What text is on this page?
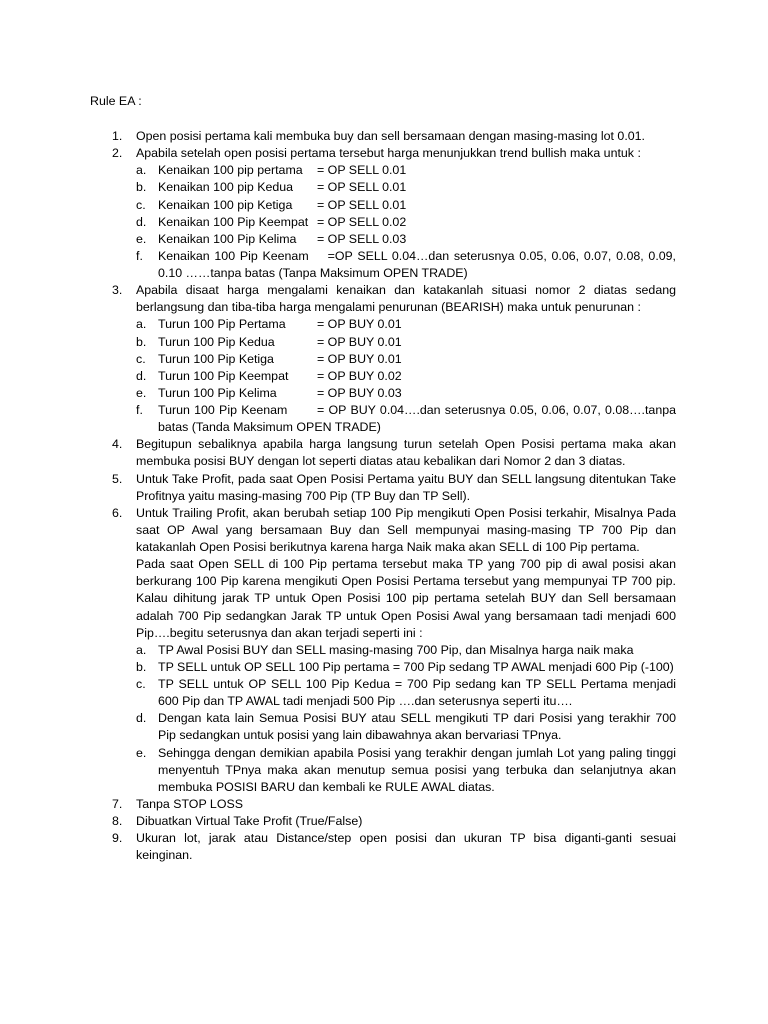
Rule EA :

1. Open posisi pertama kali membuka buy dan sell bersamaan dengan masing-masing lot 0.01.
2. Apabila setelah open posisi pertama tersebut harga menunjukkan trend bullish maka untuk :
a. Kenaikan 100 pip pertama	= OP SELL 0.01
b. Kenaikan 100 pip Kedua	= OP SELL 0.01
c. Kenaikan 100 pip Ketiga	= OP SELL 0.01
d. Kenaikan 100 Pip Keempat = OP SELL 0.02
e. Kenaikan 100 Pip Kelima	= OP SELL 0.03
f. Kenaikan 100 Pip Keenam =OP SELL 0.04…dan seterusnya 0.05, 0.06, 0.07, 0.08, 0.09, 0.10 ……tanpa batas (Tanpa Maksimum OPEN TRADE)
3. Apabila disaat harga mengalami kenaikan dan katakanlah situasi nomor 2 diatas sedang berlangsung dan tiba-tiba harga mengalami penurunan (BEARISH) maka untuk penurunan :
a. Turun 100 Pip Pertama	= OP BUY 0.01
b. Turun 100 Pip Kedua	= OP BUY 0.01
c. Turun 100 Pip Ketiga	= OP BUY 0.01
d. Turun 100 Pip Keempat	= OP BUY 0.02
e. Turun 100 Pip Kelima	= OP BUY 0.03
f. Turun 100 Pip Keenam = OP BUY 0.04….dan seterusnya 0.05, 0.06, 0.07, 0.08….tanpa batas (Tanda Maksimum OPEN TRADE)
4. Begitupun sebaliknya apabila harga langsung turun setelah Open Posisi pertama maka akan membuka posisi BUY dengan lot seperti diatas atau kebalikan dari Nomor 2 dan 3 diatas.
5. Untuk Take Profit, pada saat Open Posisi Pertama yaitu BUY dan SELL langsung ditentukan Take Profitnya yaitu masing-masing 700 Pip (TP Buy dan TP Sell).
6. Untuk Trailing Profit, akan berubah setiap 100 Pip mengikuti Open Posisi terkahir, Misalnya Pada saat OP Awal yang bersamaan Buy dan Sell mempunyai masing-masing TP 700 Pip dan katakanlah Open Posisi berikutnya karena harga Naik maka akan SELL di 100 Pip pertama.
Pada saat Open SELL di 100 Pip pertama tersebut maka TP yang 700 pip di awal posisi akan berkurang 100 Pip karena mengikuti Open Posisi Pertama tersebut yang mempunyai TP 700 pip. Kalau dihitung jarak TP untuk Open Posisi 100 pip pertama setelah BUY dan Sell bersamaan adalah 700 Pip sedangkan Jarak TP untuk Open Posisi Awal yang bersamaan tadi menjadi 600 Pip….begitu seterusnya dan akan terjadi seperti ini :
a. TP Awal Posisi BUY dan SELL masing-masing 700 Pip, dan Misalnya harga naik maka
b. TP SELL untuk OP SELL 100 Pip pertama = 700 Pip sedang TP AWAL menjadi 600 Pip (-100)
c. TP SELL untuk OP SELL 100 Pip Kedua = 700 Pip sedang kan TP SELL Pertama menjadi 600 Pip dan TP AWAL tadi menjadi 500 Pip ….dan seterusnya seperti itu….
d. Dengan kata lain Semua Posisi BUY atau SELL mengikuti TP dari Posisi yang terakhir 700 Pip sedangkan untuk posisi yang lain dibawahnya akan bervariasi TPnya.
e. Sehingga dengan demikian apabila Posisi yang terakhir dengan jumlah Lot yang paling tinggi menyentuh TPnya maka akan menutup semua posisi yang terbuka dan selanjutnya akan membuka POSISI BARU dan kembali ke RULE AWAL diatas.
7. Tanpa STOP LOSS
8. Dibuatkan Virtual Take Profit (True/False)
9. Ukuran lot, jarak atau Distance/step open posisi dan ukuran TP bisa diganti-ganti sesuai keinginan.
